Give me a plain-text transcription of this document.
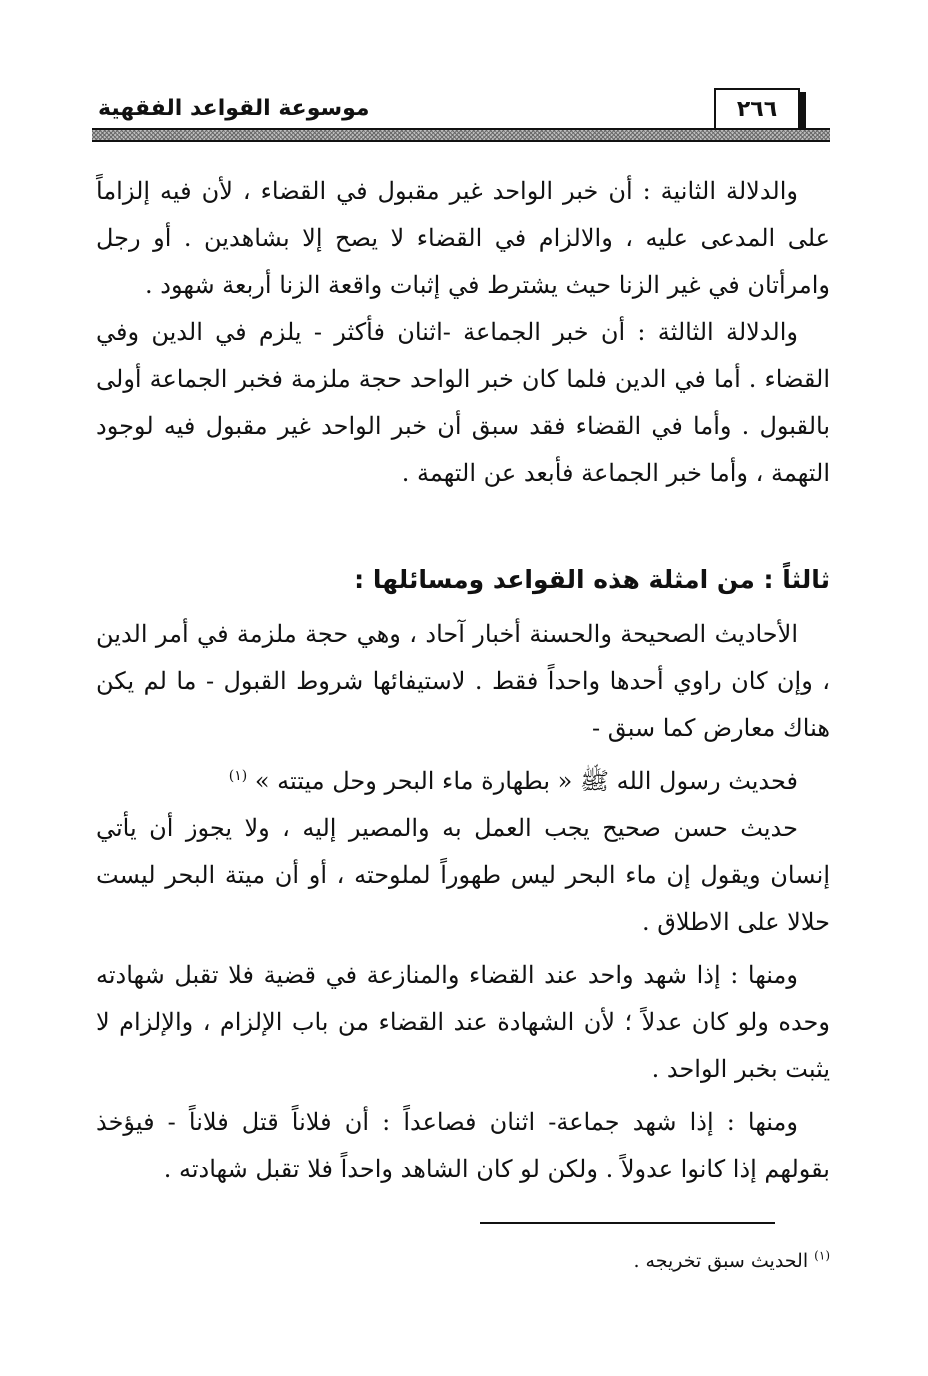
موسوعة القواعد الفقهية	٢٦٦

والدلالة الثانية : أن خبر الواحد غير مقبول في القضاء ، لأن فيه إلزاماً على المدعى عليه ، والالزام في القضاء لا يصح إلا بشاهدين . أو رجل وامرأتان في غير الزنا حيث يشترط في إثبات واقعة الزنا أربعة شهود .

والدلالة الثالثة : أن خبر الجماعة -اثنان فأكثر - يلزم في الدين وفي القضاء . أما في الدين فلما كان خبر الواحد حجة ملزمة فخبر الجماعة أولى بالقبول . وأما في القضاء فقد سبق أن خبر الواحد غير مقبول فيه لوجود التهمة ، وأما خبر الجماعة فأبعد عن التهمة .

ثالثاً : من امثلة هذه القواعد ومسائلها :

الأحاديث الصحيحة والحسنة أخبار آحاد ، وهي حجة ملزمة في أمر الدين ، وإن كان راوي أحدها واحداً فقط . لاستيفائها شروط القبول - ما لم يكن هناك معارض كما سبق -

فحديث رسول الله ﷺ « بطهارة ماء البحر وحل ميتته » $^{(١)}$

حديث حسن صحيح يجب العمل به والمصير إليه ، ولا يجوز أن يأتي إنسان ويقول إن ماء البحر ليس طهوراً لملوحته ، أو أن ميتة البحر ليست حلالا على الاطلاق .

ومنها : إذا شهد واحد عند القضاء والمنازعة في قضية فلا تقبل شهادته وحده ولو كان عدلاً ؛ لأن الشهادة عند القضاء من باب الإلزام ، والإلزام لا يثبت بخبر الواحد .

ومنها : إذا شهد جماعة- اثنان فصاعداً : أن فلاناً قتل فلاناً - فيؤخذ بقولهم إذا كانوا عدولاً . ولكن لو كان الشاهد واحداً فلا تقبل شهادته .

$^{(١)}$ الحديث سبق تخريجه .
